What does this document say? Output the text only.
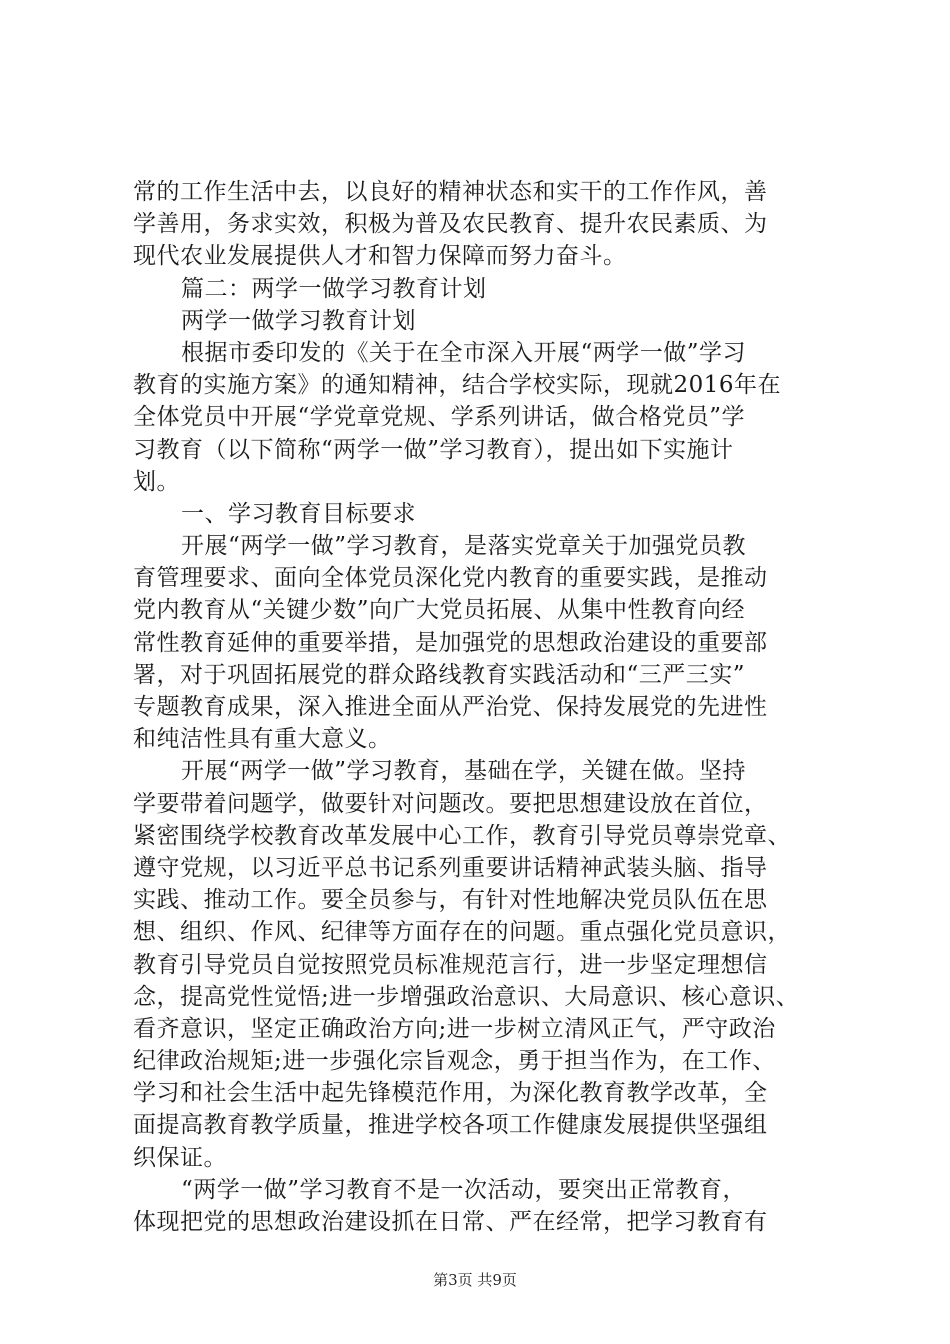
常的工作生活中去，以良好的精神状态和实干的工作作风，善
学善用，务求实效，积极为普及农民教育、提升农民素质、为
现代农业发展提供人才和智力保障而努力奋斗。
篇二：两学一做学习教育计划
两学一做学习教育计划
根据市委印发的《关于在全市深入开展“两学一做”学习
教育的实施方案》的通知精神，结合学校实际，现就2016年在
全体党员中开展“学党章党规、学系列讲话，做合格党员”学
习教育（以下简称“两学一做”学习教育），提出如下实施计
划。
一、学习教育目标要求
开展“两学一做”学习教育，是落实党章关于加强党员教
育管理要求、面向全体党员深化党内教育的重要实践，是推动
党内教育从“关键少数”向广大党员拓展、从集中性教育向经
常性教育延伸的重要举措，是加强党的思想政治建设的重要部
署，对于巩固拓展党的群众路线教育实践活动和“三严三实”
专题教育成果，深入推进全面从严治党、保持发展党的先进性
和纯洁性具有重大意义。
开展“两学一做”学习教育，基础在学，关键在做。坚持
学要带着问题学，做要针对问题改。要把思想建设放在首位，
紧密围绕学校教育改革发展中心工作，教育引导党员尊崇党章、
遵守党规，以习近平总书记系列重要讲话精神武装头脑、指导
实践、推动工作。要全员参与，有针对性地解决党员队伍在思
想、组织、作风、纪律等方面存在的问题。重点强化党员意识，
教育引导党员自觉按照党员标准规范言行，进一步坚定理想信
念，提高党性觉悟;进一步增强政治意识、大局意识、核心意识、
看齐意识，坚定正确政治方向;进一步树立清风正气，严守政治
纪律政治规矩;进一步强化宗旨观念，勇于担当作为，在工作、
学习和社会生活中起先锋模范作用，为深化教育教学改革，全
面提高教育教学质量，推进学校各项工作健康发展提供坚强组
织保证。
“两学一做”学习教育不是一次活动，要突出正常教育，
体现把党的思想政治建设抓在日常、严在经常，把学习教育有
第3页 共9页
